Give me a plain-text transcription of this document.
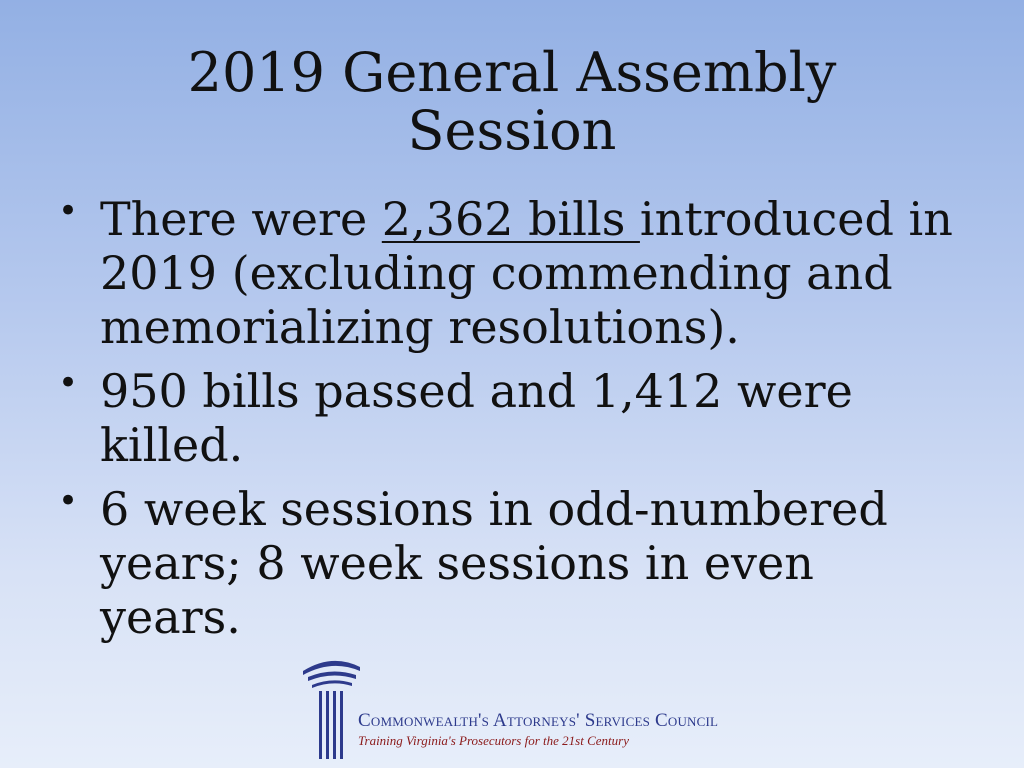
2019 General Assembly
Session
• There were 2,362 bills introduced in
2019 (excluding commending and
memorializing resolutions).
• 950 bills passed and 1,412 were
killed.
• 6 week sessions in odd-numbered
years; 8 week sessions in even
years.
Commonwealth's Attorneys' Services Council
Training Virginia's Prosecutors for the 21st Century
